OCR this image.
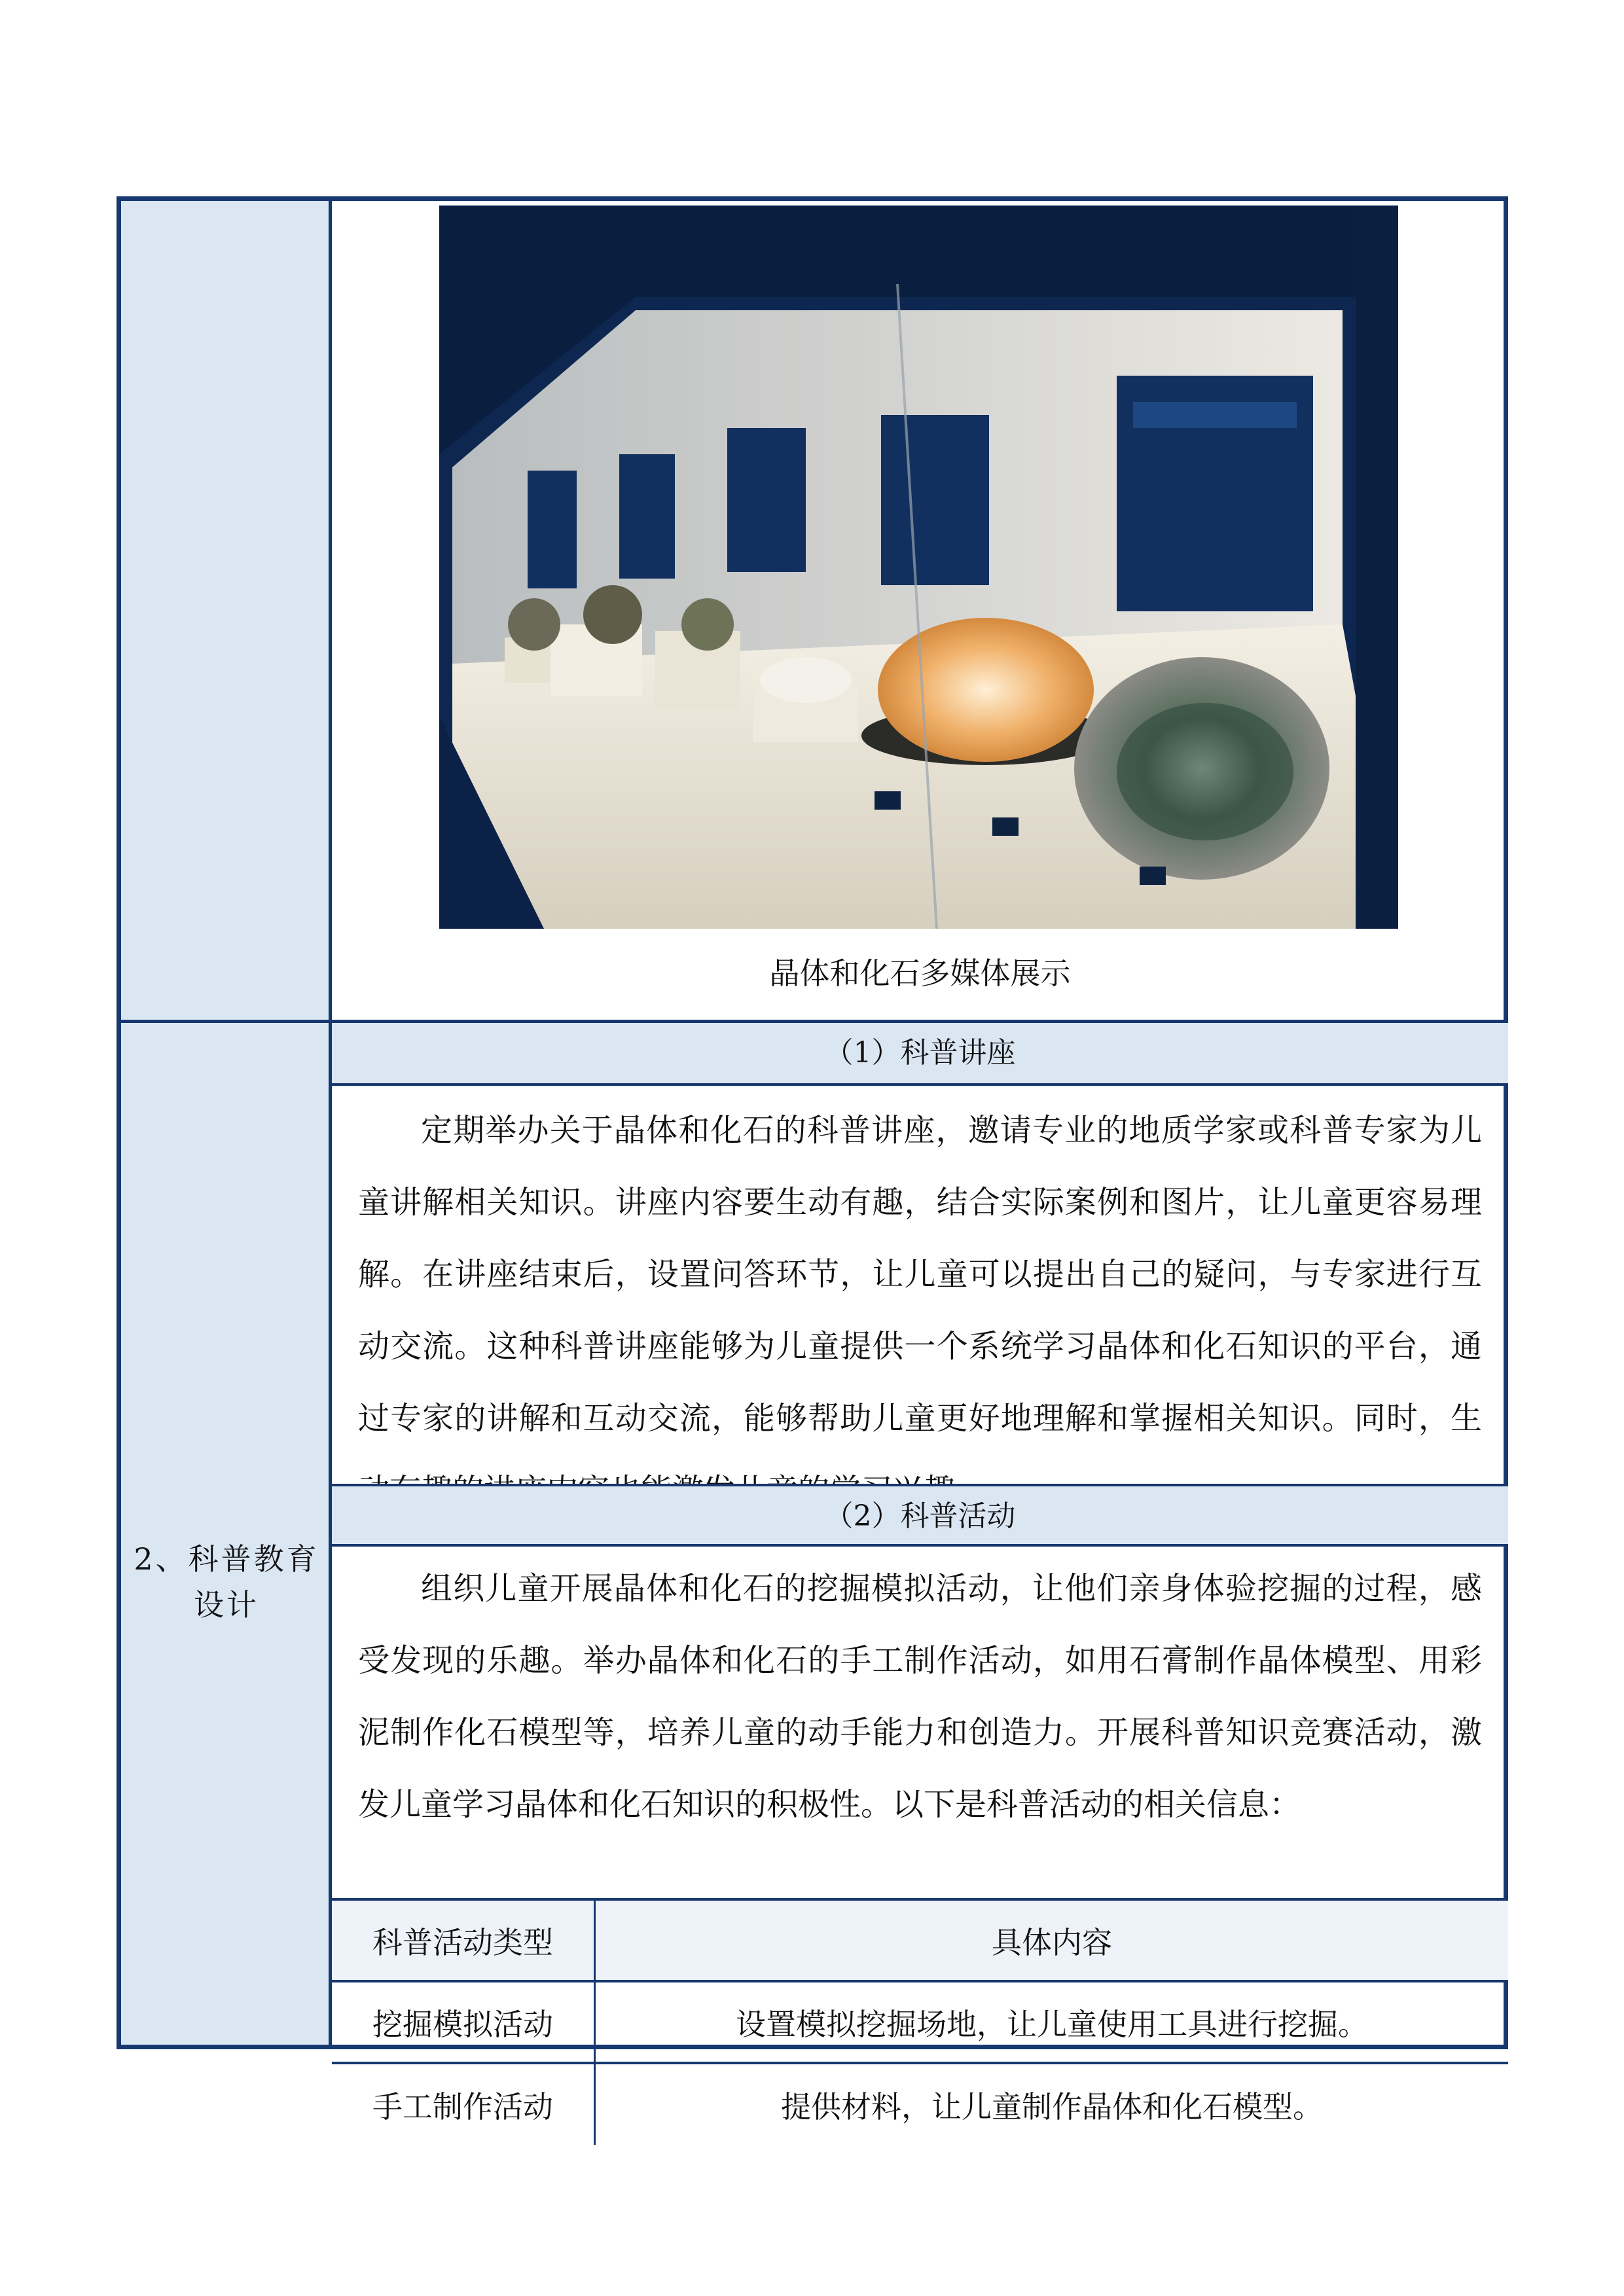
2、科普教育设计
晶体和化石多媒体展示
（1）科普讲座
定期举办关于晶体和化石的科普讲座，邀请专业的地质学家或科普专家为儿童讲解相关知识。讲座内容要生动有趣，结合实际案例和图片，让儿童更容易理解。在讲座结束后，设置问答环节，让儿童可以提出自己的疑问，与专家进行互动交流。这种科普讲座能够为儿童提供一个系统学习晶体和化石知识的平台，通过专家的讲解和互动交流，能够帮助儿童更好地理解和掌握相关知识。同时，生
（2）科普活动
组织儿童开展晶体和化石的挖掘模拟活动，让他们亲身体验挖掘的过程，感受发现的乐趣。举办晶体和化石的手工制作活动，如用石膏制作晶体模型、用彩泥制作化石模型等，培养儿童的动手能力和创造力。开展科普知识竞赛活动，激发儿童学习晶体和化石知识的积极性。以下是科普活动的相关信息：
科普活动类型	具体内容
挖掘模拟活动	设置模拟挖掘场地，让儿童使用工具进行挖掘。
手工制作活动	提供材料，让儿童制作晶体和化石模型。
